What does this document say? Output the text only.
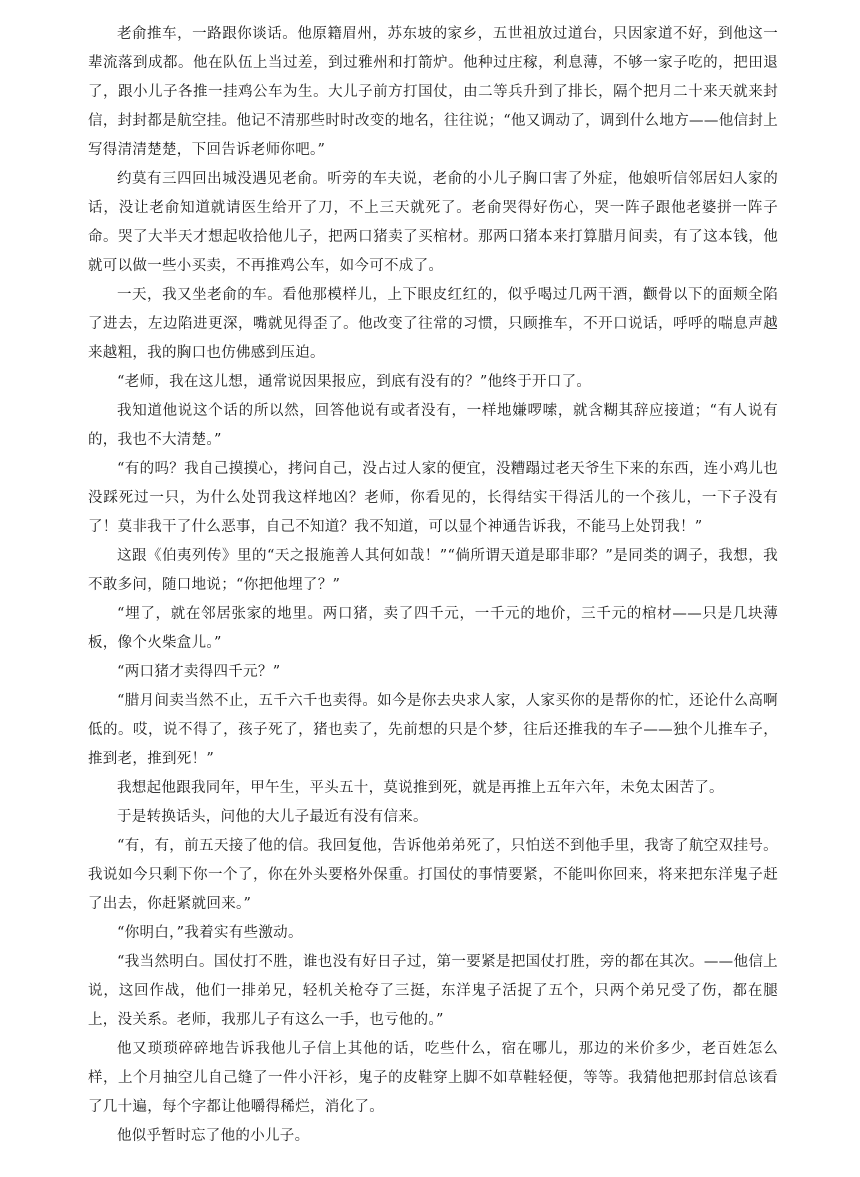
老俞推车，一路跟你谈话。他原籍眉州，苏东坡的家乡，五世祖放过道台，只因家道不好，到他这一辈流落到成都。他在队伍上当过差，到过雅州和打箭炉。他种过庄稼，利息薄，不够一家子吃的，把田退了，跟小儿子各推一挂鸡公车为生。大儿子前方打国仗，由二等兵升到了排长，隔个把月二十来天就来封信，封封都是航空挂。他记不清那些时时改变的地名，往往说；“他又调动了，调到什么地方——他信封上写得清清楚楚，下回告诉老师你吧。”

约莫有三四回出城没遇见老俞。听旁的车夫说，老俞的小儿子胸口害了外症，他娘听信邻居妇人家的话，没让老俞知道就请医生给开了刀，不上三天就死了。老俞哭得好伤心，哭一阵子跟他老婆拼一阵子命。哭了大半天才想起收拾他儿子，把两口猪卖了买棺材。那两口猪本来打算腊月间卖，有了这本钱，他就可以做一些小买卖，不再推鸡公车，如今可不成了。

一天，我又坐老俞的车。看他那模样儿，上下眼皮红红的，似乎喝过几两干酒，颧骨以下的面颊全陷了进去，左边陷进更深，嘴就见得歪了。他改变了往常的习惯，只顾推车，不开口说话，呼呼的喘息声越来越粗，我的胸口也仿佛感到压迫。

“老师，我在这儿想，通常说因果报应，到底有没有的？”他终于开口了。

我知道他说这个话的所以然，回答他说有或者没有，一样地嫌啰嗦，就含糊其辞应接道；“有人说有的，我也不大清楚。”

“有的吗？我自己摸摸心，拷问自己，没占过人家的便宜，没糟蹋过老天爷生下来的东西，连小鸡儿也没踩死过一只，为什么处罚我这样地凶？老师，你看见的，长得结实干得活儿的一个孩儿，一下子没有了！莫非我干了什么恶事，自己不知道？我不知道，可以显个神通告诉我，不能马上处罚我！”

这跟《伯夷列传》里的“天之报施善人其何如哉！”“倘所谓天道是耶非耶？”是同类的调子，我想，我不敢多问，随口地说；“你把他埋了？”

“埋了，就在邻居张家的地里。两口猪，卖了四千元，一千元的地价，三千元的棺材——只是几块薄板，像个火柴盒儿。”

“两口猪才卖得四千元？”

“腊月间卖当然不止，五千六千也卖得。如今是你去央求人家，人家买你的是帮你的忙，还论什么高啊低的。哎，说不得了，孩子死了，猪也卖了，先前想的只是个梦，往后还推我的车子——独个儿推车子，推到老，推到死！”

我想起他跟我同年，甲午生，平头五十，莫说推到死，就是再推上五年六年，未免太困苦了。

于是转换话头，问他的大儿子最近有没有信来。

“有，有，前五天接了他的信。我回复他，告诉他弟弟死了，只怕送不到他手里，我寄了航空双挂号。我说如今只剩下你一个了，你在外头要格外保重。打国仗的事情要紧，不能叫你回来，将来把东洋鬼子赶了出去，你赶紧就回来。”

“你明白，”我着实有些激动。

“我当然明白。国仗打不胜，谁也没有好日子过，第一要紧是把国仗打胜，旁的都在其次。——他信上说，这回作战，他们一排弟兄，轻机关枪夺了三挺，东洋鬼子活捉了五个，只两个弟兄受了伤，都在腿上，没关系。老师，我那儿子有这么一手，也亏他的。”

他又琐琐碎碎地告诉我他儿子信上其他的话，吃些什么，宿在哪儿，那边的米价多少，老百姓怎么样，上个月抽空儿自己缝了一件小汗衫，鬼子的皮鞋穿上脚不如草鞋轻便，等等。我猜他把那封信总该看了几十遍，每个字都让他嚼得稀烂，消化了。

他似乎暂时忘了他的小儿子。
